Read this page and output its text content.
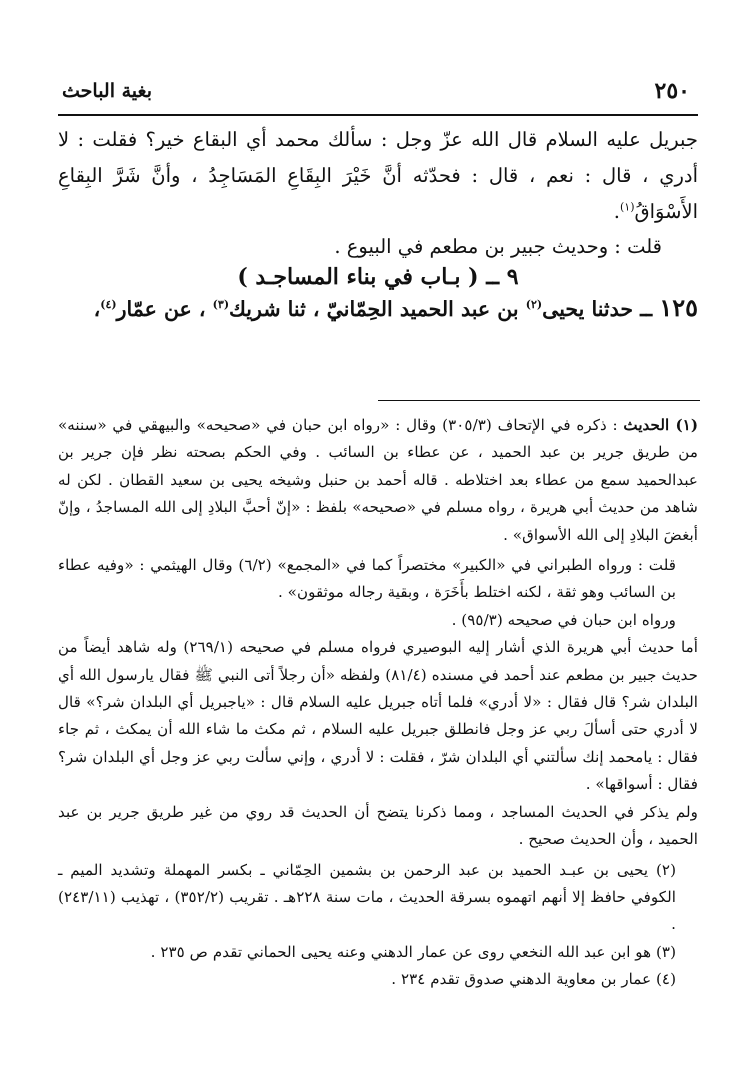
٢٥٠
بغية الباحث

جبريل عليه السلام قال الله عزّ وجل : سألك محمد أي البقاع خير؟ فقلت : لا أدري ، قال : نعم ، قال : فحدّثه أنَّ خَيْرَ البِقَاعِ المَسَاجِدُ ، وأنَّ شَرَّ البِقاعِ الأَسْوَاقُ$^{(١)}$.

قلت : وحديث جبير بن مطعم في البيوع .

٩ ــ ( بـاب في بناء المساجـد )

١٢٥ ــ حدثنا يحيى$^{(٢)}$ بن عبد الحميد الحِمّانيّ ، ثنا شريك$^{(٣)}$ ، عن عمّار$^{(٤)}$،

(١) الحديث : ذكره في الإتحاف (٣٠٥/٣) وقال : «رواه ابن حبان في «صحيحه» والبيهقي في «سننه» من طريق جرير بن عبد الحميد ، عن عطاء بن السائب . وفي الحكم بصحته نظر فإن جرير بن عبدالحميد سمع من عطاء بعد اختلاطه . قاله أحمد بن حنبل وشيخه يحيى بن سعيد القطان . لكن له شاهد من حديث أبي هريرة ، رواه مسلم في «صحيحه» بلفظ : «إنّ أحبَّ البلادِ إلى الله المساجدُ ، وإنّ أبغضَ البلادِ إلى الله الأسواق» .

قلت : ورواه الطبراني في «الكبير» مختصراً كما في «المجمع» (٦/٢) وقال الهيثمي : «وفيه عطاء بن السائب وهو ثقة ، لكنه اختلط بأَخَرَة ، وبقية رجاله موثقون» .

ورواه ابن حبان في صحيحه (٩٥/٣) .

أما حديث أبي هريرة الذي أشار إليه البوصيري فرواه مسلم في صحيحه (٢٦٩/١) وله شاهد أيضاً من حديث جبير بن مطعم عند أحمد في مسنده (٨١/٤) ولفظه «أن رجلاً أتى النبي ﷺ فقال يارسول الله أي البلدان شر؟ قال فقال : «لا أدري» فلما أتاه جبريل عليه السلام قال : «ياجبريل أي البلدان شر؟» قال لا أدري حتى أسألَ ربي عز وجل فانطلق جبريل عليه السلام ، ثم مكث ما شاء الله أن يمكث ، ثم جاء فقال : يامحمد إنك سألتني أي البلدان شرّ ، فقلت : لا أدري ، وإني سألت ربي عز وجل أي البلدان شر؟ فقال : أسواقها» .

ولم يذكر في الحديث المساجد ، ومما ذكرنا يتضح أن الحديث قد روي من غير طريق جرير بن عبد الحميد ، وأن الحديث صحيح .

(٢) يحيى بن عبـد الحميد بن عبد الرحمن بن بشمين الحِمّاني ـ بكسر المهملة وتشديد الميم ـ الكوفي حافظ إلا أنهم اتهموه بسرقة الحديث ، مات سنة ٢٢٨هـ . تقريب (٣٥٢/٢) ، تهذيب (٢٤٣/١١) .

(٣) هو ابن عبد الله النخعي روى عن عمار الدهني وعنه يحيى الحماني تقدم ص ٢٣٥ .

(٤) عمار بن معاوية الدهني صدوق تقدم ٢٣٤ .
